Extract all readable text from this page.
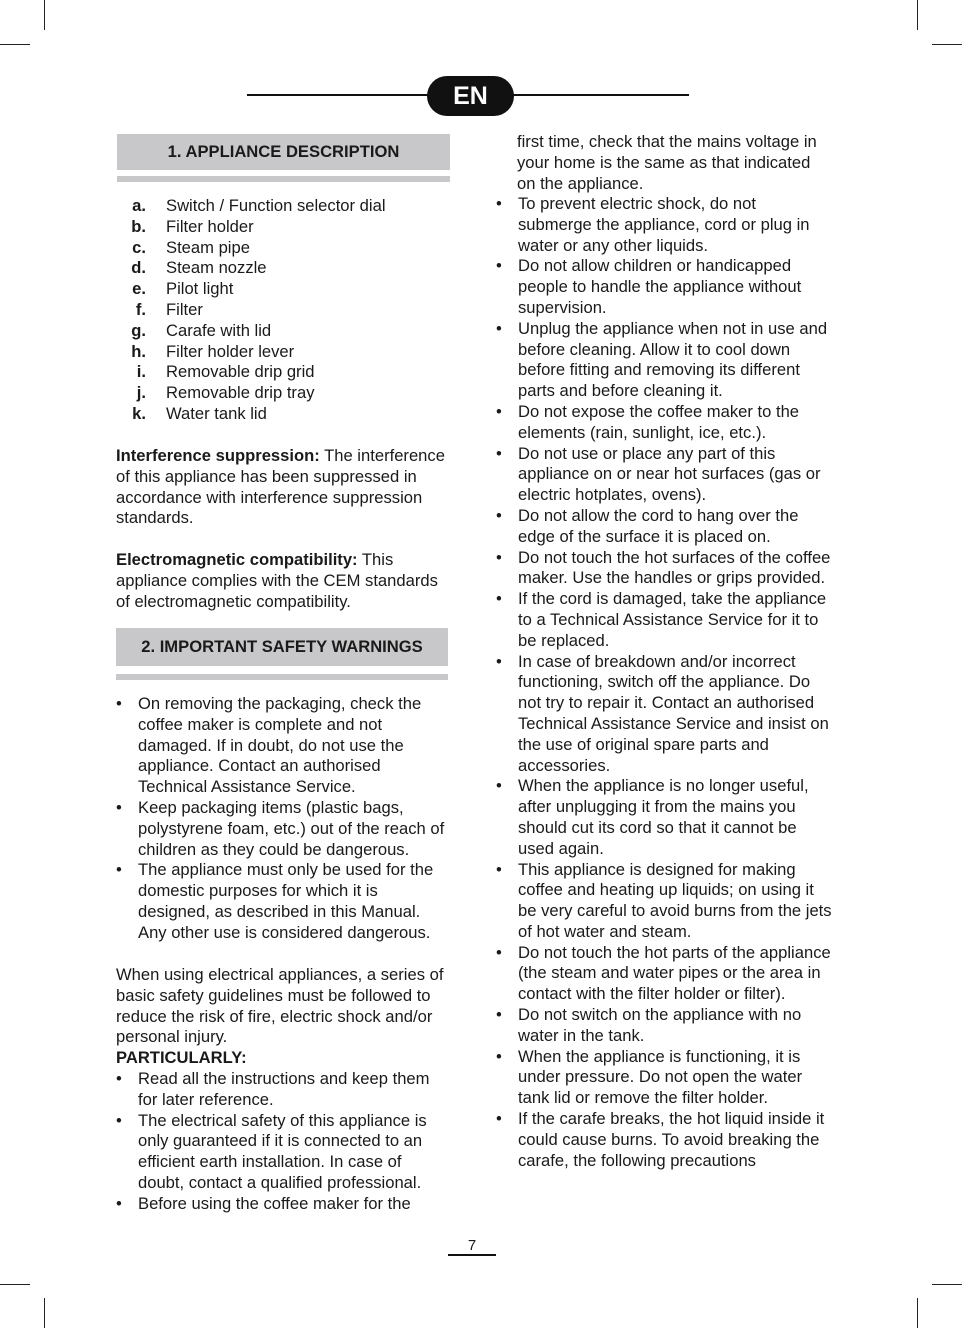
EN
1. APPLIANCE DESCRIPTION
a. Switch / Function selector dial
b. Filter holder
c. Steam pipe
d. Steam nozzle
e. Pilot light
f. Filter
g. Carafe with lid
h. Filter holder lever
i. Removable drip grid
j. Removable drip tray
k. Water tank lid

Interference suppression: The interference of this appliance has been suppressed in accordance with interference suppression standards.

Electromagnetic compatibility: This appliance complies with the CEM standards of electromagnetic compatibility.

2. IMPORTANT SAFETY WARNINGS
• On removing the packaging, check the coffee maker is complete and not damaged. If in doubt, do not use the appliance. Contact an authorised Technical Assistance Service.
• Keep packaging items (plastic bags, polystyrene foam, etc.) out of the reach of children as they could be dangerous.
• The appliance must only be used for the domestic purposes for which it is designed, as described in this Manual. Any other use is considered dangerous.

When using electrical appliances, a series of basic safety guidelines must be followed to reduce the risk of fire, electric shock and/or personal injury.

PARTICULARLY:

• Read all the instructions and keep them for later reference.
• The electrical safety of this appliance is only guaranteed if it is connected to an efficient earth installation. In case of doubt, contact a qualified professional.
• Before using the coffee maker for the

first time, check that the mains voltage in your home is the same as that indicated on the appliance.

• To prevent electric shock, do not submerge the appliance, cord or plug in water or any other liquids.
• Do not allow children or handicapped people to handle the appliance without supervision.
• Unplug the appliance when not in use and before cleaning. Allow it to cool down before fitting and removing its different parts and before cleaning it.
• Do not expose the coffee maker to the elements (rain, sunlight, ice, etc.).
• Do not use or place any part of this appliance on or near hot surfaces (gas or electric hotplates, ovens).
• Do not allow the cord to hang over the edge of the surface it is placed on.
• Do not touch the hot surfaces of the coffee maker. Use the handles or grips provided.
• If the cord is damaged, take the appliance to a Technical Assistance Service for it to be replaced.
• In case of breakdown and/or incorrect functioning, switch off the appliance. Do not try to repair it. Contact an authorised Technical Assistance Service and insist on the use of original spare parts and accessories.
• When the appliance is no longer useful, after unplugging it from the mains you should cut its cord so that it cannot be used again.
• This appliance is designed for making coffee and heating up liquids; on using it be very careful to avoid burns from the jets of hot water and steam.
• Do not touch the hot parts of the appliance (the steam and water pipes or the area in contact with the filter holder or filter).
• Do not switch on the appliance with no water in the tank.
• When the appliance is functioning, it is under pressure. Do not open the water tank lid or remove the filter holder.
• If the carafe breaks, the hot liquid inside it could cause burns. To avoid breaking the carafe, the following precautions
7
